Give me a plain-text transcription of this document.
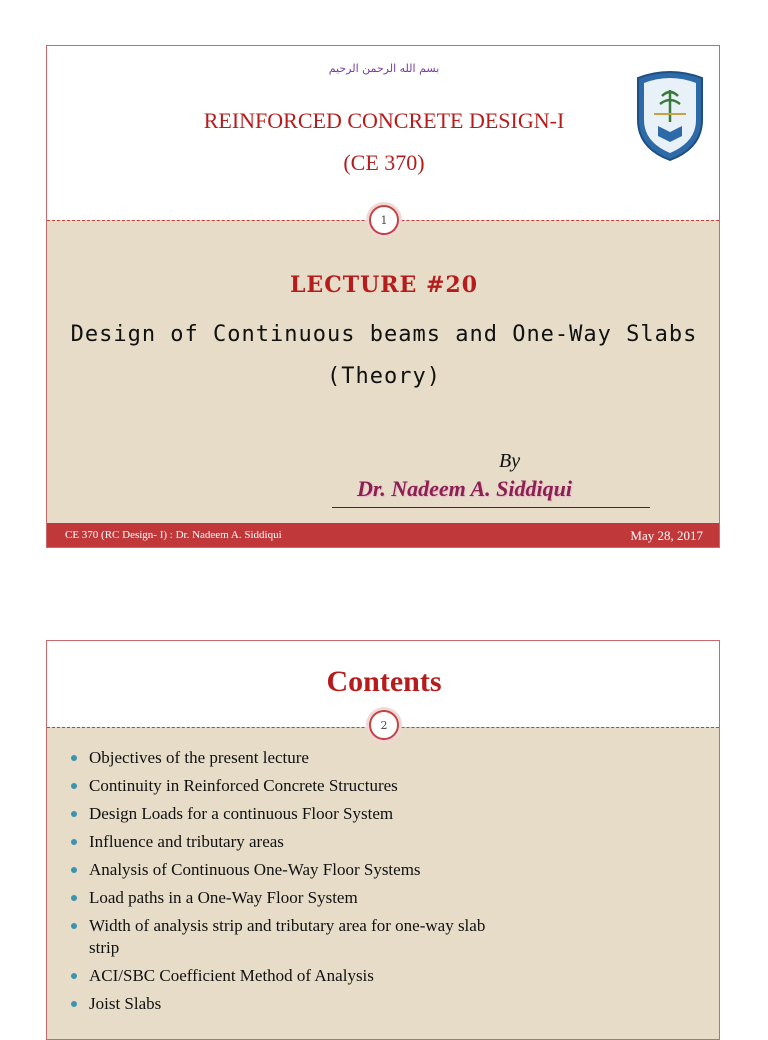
بسم الله الرحمن الرحيم
REINFORCED CONCRETE DESIGN-I
(CE 370)
1
LECTURE #20
Design of Continuous beams and One-Way Slabs
(Theory)
By
Dr. Nadeem A. Siddiqui
CE 370 (RC Design- I) : Dr. Nadeem A. Siddiqui	May 28, 2017
Contents
2
Objectives of the present lecture
Continuity in Reinforced Concrete Structures
Design Loads for a continuous Floor System
Influence and tributary areas
Analysis of Continuous One-Way Floor Systems
Load paths in a One-Way Floor System
Width of analysis strip and tributary area for one-way slab strip
ACI/SBC Coefficient Method of Analysis
Joist Slabs
